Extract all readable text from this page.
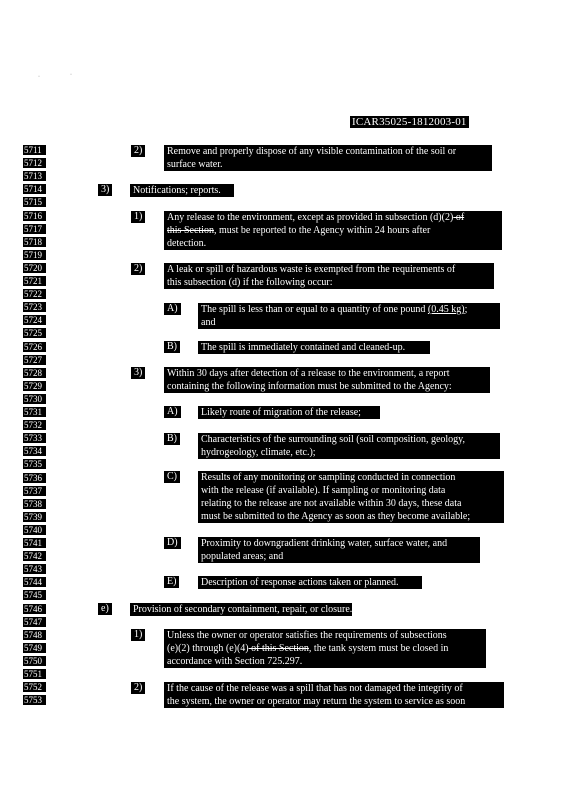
·	·
ICAR35025-1812003-01
5711
5712
5713
5714
5715
5716
5717
5718
5719
5720
5721
5722
5723
5724
5725
5726
5727
5728
5729
5730
5731
5732
5733
5734
5735
5736
5737
5738
5739
5740
5741
5742
5743
5744
5745
5746
5747
5748
5749
5750
5751
5752
5753
2)	Remove and properly dispose of any visible contamination of the soil or
surface water.
3)	Notifications; reports.
1)	Any release to the environment, except as provided in subsection (d)(2) of
this Section, must be reported to the Agency within 24 hours after
detection.
2)	A leak or spill of hazardous waste is exempted from the requirements of
this subsection (d) if the following occur:
A)	The spill is less than or equal to a quantity of one pound (0.45 kg);
and
B)	The spill is immediately contained and cleaned-up.
3)	Within 30 days after detection of a release to the environment, a report
containing the following information must be submitted to the Agency:
A)	Likely route of migration of the release;
B)	Characteristics of the surrounding soil (soil composition, geology,
hydrogeology, climate, etc.);
C)	Results of any monitoring or sampling conducted in connection
with the release (if available). If sampling or monitoring data
relating to the release are not available within 30 days, these data
must be submitted to the Agency as soon as they become available;
D)	Proximity to downgradient drinking water, surface water, and
populated areas; and
E)	Description of response actions taken or planned.
e)	Provision of secondary containment, repair, or closure.
1)	Unless the owner or operator satisfies the requirements of subsections
(e)(2) through (e)(4) of this Section, the tank system must be closed in
accordance with Section 725.297.
2)	If the cause of the release was a spill that has not damaged the integrity of
the system, the owner or operator may return the system to service as soon
